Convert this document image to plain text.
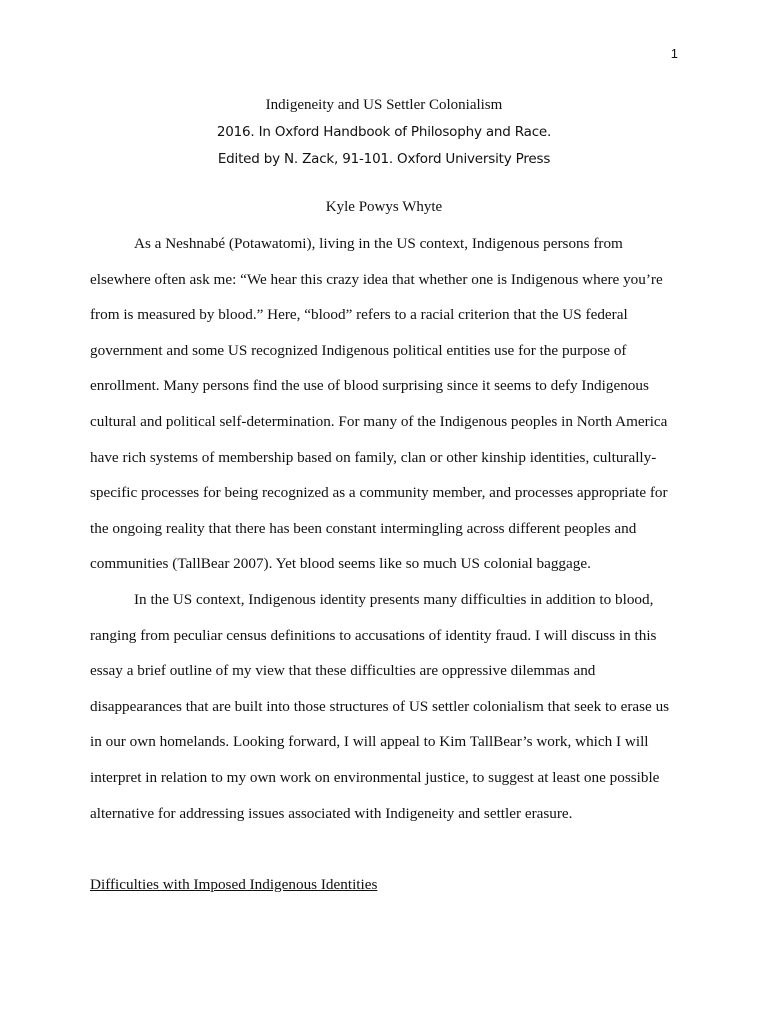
1
Indigeneity and US Settler Colonialism
2016. In Oxford Handbook of Philosophy and Race.
Edited by N. Zack, 91-101. Oxford University Press
Kyle Powys Whyte
As a Neshnabé (Potawatomi), living in the US context, Indigenous persons from
elsewhere often ask me: “We hear this crazy idea that whether one is Indigenous where you’re
from is measured by blood.” Here, “blood” refers to a racial criterion that the US federal
government and some US recognized Indigenous political entities use for the purpose of
enrollment. Many persons find the use of blood surprising since it seems to defy Indigenous
cultural and political self-determination. For many of the Indigenous peoples in North America
have rich systems of membership based on family, clan or other kinship identities, culturally-
specific processes for being recognized as a community member, and processes appropriate for
the ongoing reality that there has been constant intermingling across different peoples and
communities (TallBear 2007). Yet blood seems like so much US colonial baggage.
In the US context, Indigenous identity presents many difficulties in addition to blood,
ranging from peculiar census definitions to accusations of identity fraud. I will discuss in this
essay a brief outline of my view that these difficulties are oppressive dilemmas and
disappearances that are built into those structures of US settler colonialism that seek to erase us
in our own homelands. Looking forward, I will appeal to Kim TallBear’s work, which I will
interpret in relation to my own work on environmental justice, to suggest at least one possible
alternative for addressing issues associated with Indigeneity and settler erasure.
Difficulties with Imposed Indigenous Identities
